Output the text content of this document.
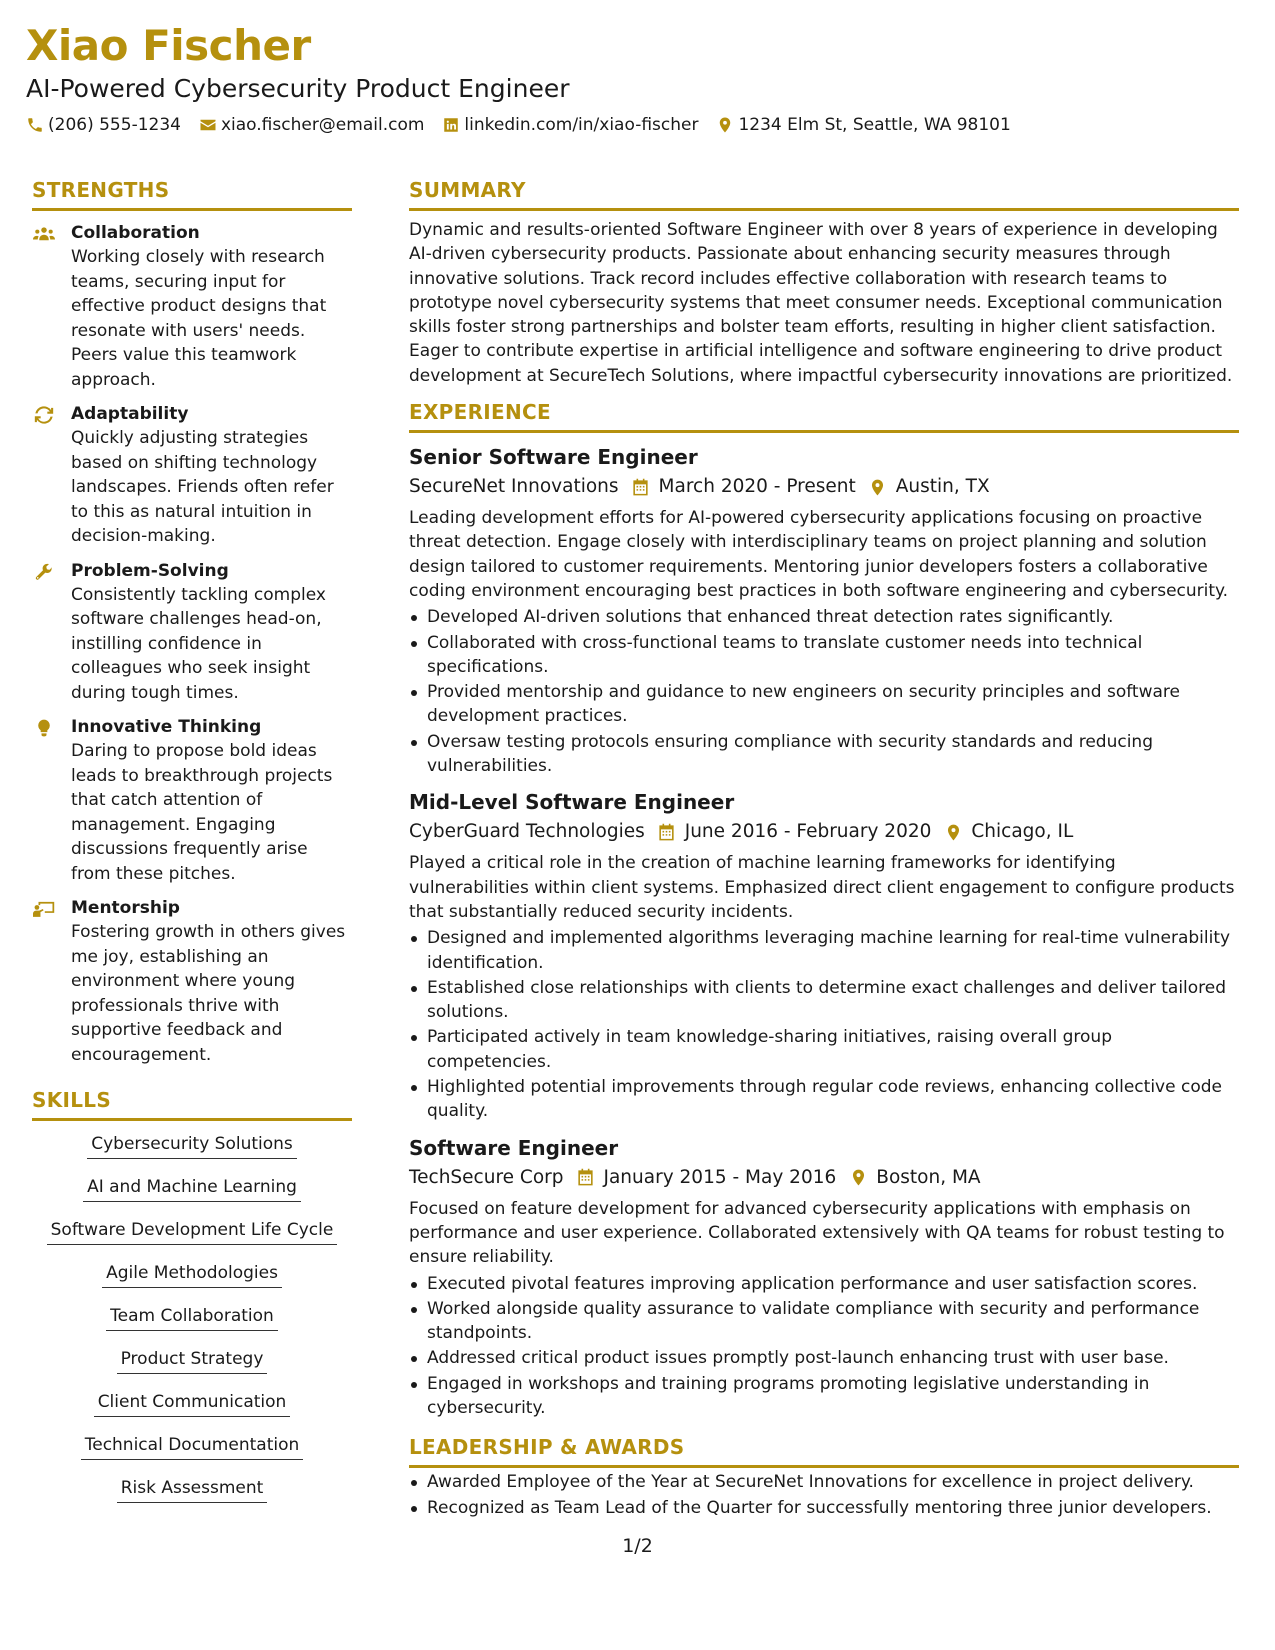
Xiao Fischer
AI-Powered Cybersecurity Product Engineer
(206) 555-1234 xiao.fischer@email.com linkedin.com/in/xiao-fischer 1234 Elm St, Seattle, WA 98101
STRENGTHS
Collaboration
Working closely with research teams, securing input for effective product designs that resonate with users' needs. Peers value this teamwork approach.
Adaptability
Quickly adjusting strategies based on shifting technology landscapes. Friends often refer to this as natural intuition in decision-making.
Problem-Solving
Consistently tackling complex software challenges head-on, instilling confidence in colleagues who seek insight during tough times.
Innovative Thinking
Daring to propose bold ideas leads to breakthrough projects that catch attention of management. Engaging discussions frequently arise from these pitches.
Mentorship
Fostering growth in others gives me joy, establishing an environment where young professionals thrive with supportive feedback and encouragement.
SKILLS
Cybersecurity Solutions
AI and Machine Learning
Software Development Life Cycle
Agile Methodologies
Team Collaboration
Product Strategy
Client Communication
Technical Documentation
Risk Assessment
SUMMARY
Dynamic and results-oriented Software Engineer with over 8 years of experience in developing AI-driven cybersecurity products. Passionate about enhancing security measures through innovative solutions. Track record includes effective collaboration with research teams to prototype novel cybersecurity systems that meet consumer needs. Exceptional communication skills foster strong partnerships and bolster team efforts, resulting in higher client satisfaction. Eager to contribute expertise in artificial intelligence and software engineering to drive product development at SecureTech Solutions, where impactful cybersecurity innovations are prioritized.
EXPERIENCE
Senior Software Engineer
SecureNet Innovations March 2020 - Present Austin, TX
Leading development efforts for AI-powered cybersecurity applications focusing on proactive threat detection. Engage closely with interdisciplinary teams on project planning and solution design tailored to customer requirements. Mentoring junior developers fosters a collaborative coding environment encouraging best practices in both software engineering and cybersecurity.
Developed AI-driven solutions that enhanced threat detection rates significantly.
Collaborated with cross-functional teams to translate customer needs into technical specifications.
Provided mentorship and guidance to new engineers on security principles and software development practices.
Oversaw testing protocols ensuring compliance with security standards and reducing vulnerabilities.
Mid-Level Software Engineer
CyberGuard Technologies June 2016 - February 2020 Chicago, IL
Played a critical role in the creation of machine learning frameworks for identifying vulnerabilities within client systems. Emphasized direct client engagement to configure products that substantially reduced security incidents.
Designed and implemented algorithms leveraging machine learning for real-time vulnerability identification.
Established close relationships with clients to determine exact challenges and deliver tailored solutions.
Participated actively in team knowledge-sharing initiatives, raising overall group competencies.
Highlighted potential improvements through regular code reviews, enhancing collective code quality.
Software Engineer
TechSecure Corp January 2015 - May 2016 Boston, MA
Focused on feature development for advanced cybersecurity applications with emphasis on performance and user experience. Collaborated extensively with QA teams for robust testing to ensure reliability.
Executed pivotal features improving application performance and user satisfaction scores.
Worked alongside quality assurance to validate compliance with security and performance standpoints.
Addressed critical product issues promptly post-launch enhancing trust with user base.
Engaged in workshops and training programs promoting legislative understanding in cybersecurity.
LEADERSHIP & AWARDS
Awarded Employee of the Year at SecureNet Innovations for excellence in project delivery.
Recognized as Team Lead of the Quarter for successfully mentoring three junior developers.
1/2
